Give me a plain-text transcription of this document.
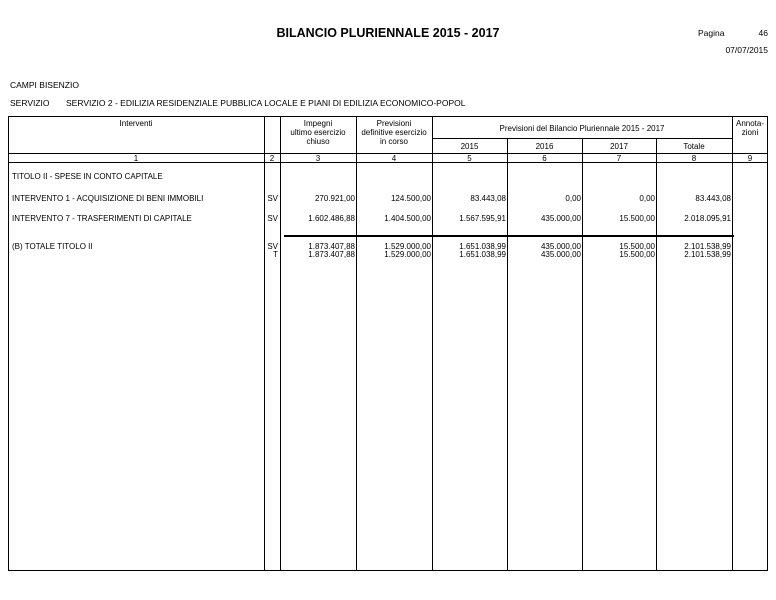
BILANCIO PLURIENNALE 2015 - 2017	Pagina	46
07/07/2015
CAMPI BISENZIO
SERVIZIO SERVIZIO 2 - EDILIZIA RESIDENZIALE PUBBLICA LOCALE E PIANI DI EDILIZIA ECONOMICO-POPOL
Interventi	Impegni
ultimo esercizio
chiuso
Previsioni
definitive esercizio
in corso
Previsioni del Bilancio Pluriennale 2015 - 2017
2015	2016	2017	Totale
Annota-
zioni
1	2	3	4	5	6	7	8	9
TITOLO II - SPESE IN CONTO CAPITALE
INTERVENTO 1 - ACQUISIZIONE DI BENI IMMOBILI	SV	270.921,00	124.500,00	83.443,08	0,00	0,00	83.443,08
INTERVENTO 7 - TRASFERIMENTI DI CAPITALE	SV	1.602.486,88	1.404.500,00	1.567.595,91	435.000,00	15.500,00	2.018.095,91
(B) TOTALE TITOLO II	SV	1.873.407,88	1.529.000,00	1.651.038,99	435.000,00	15.500,00	2.101.538,99
T	1.873.407,88	1.529.000,00	1.651.038,99	435.000,00	15.500,00	2.101.538,99
